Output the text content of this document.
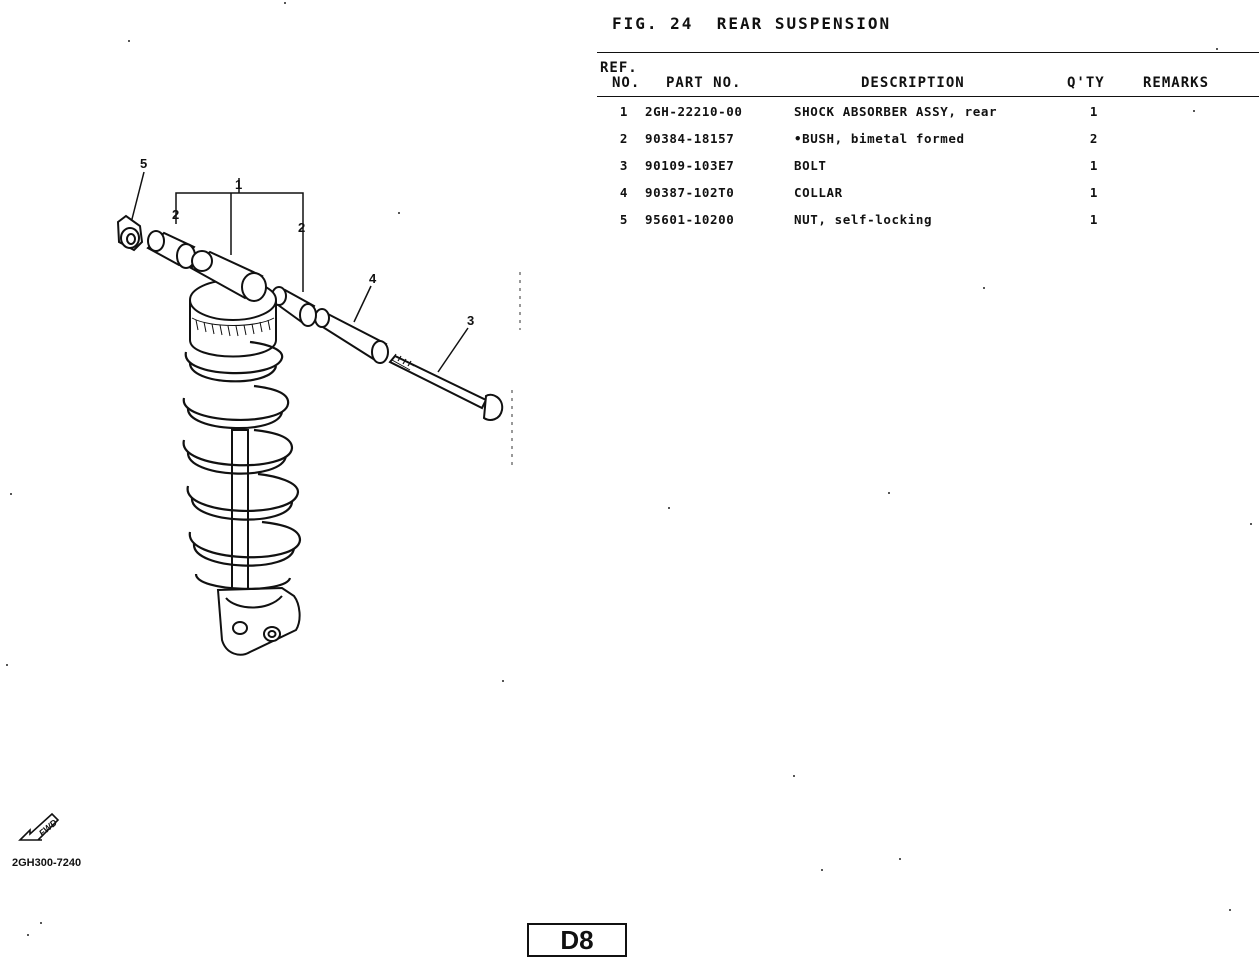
FIG. 24  REAR SUSPENSION
REF.
NO. PART NO.	DESCRIPTION	Q'TY	REMARKS
1 2GH-22210-00	SHOCK ABSORBER ASSY, rear	1
2 90384-18157	•BUSH, bimetal formed	2
3 90109-103E7	BOLT	1
4 90387-102T0	COLLAR	1
5 95601-10200	NUT, self-locking	1
5
1
2
2
4
3
FWD
2GH300-7240
D8
